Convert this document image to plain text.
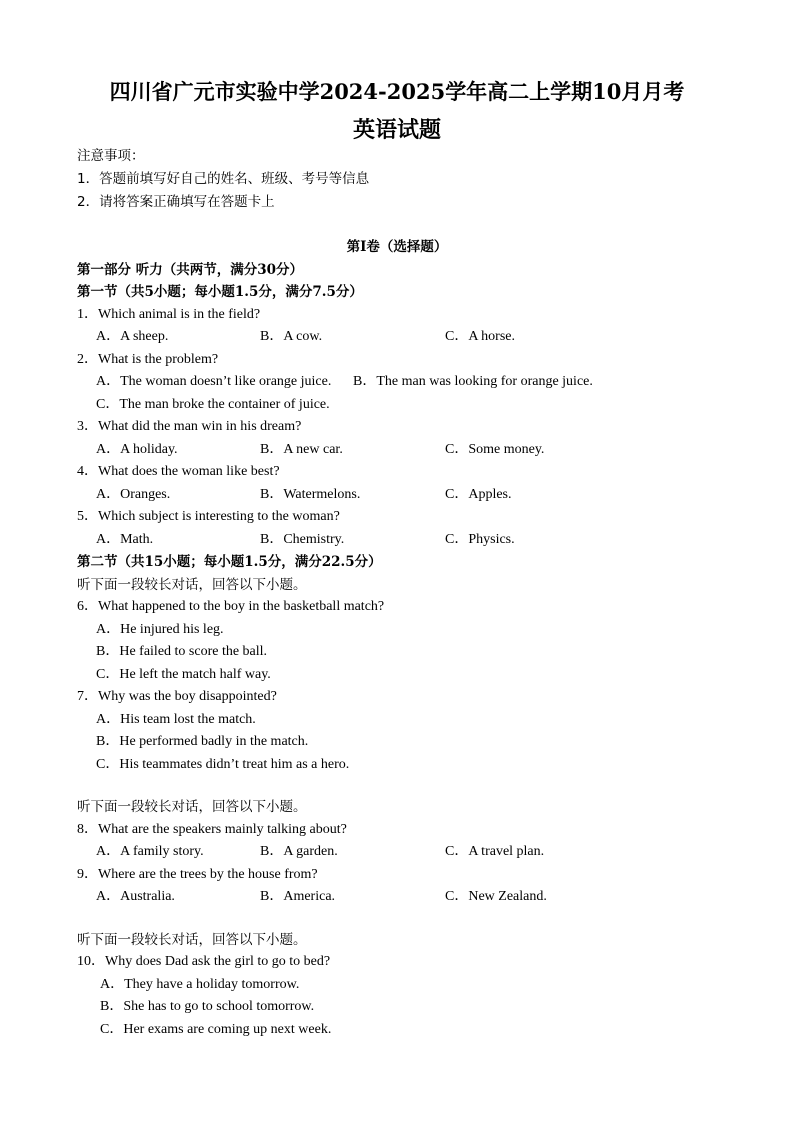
四川省广元市实验中学2024-2025学年高二上学期10月月考
英语试题
注意事项：
1．答题前填写好自己的姓名、班级、考号等信息
2．请将答案正确填写在答题卡上
第I卷（选择题）
第一部分 听力（共两节，满分30分）
第一节（共5小题；每小题1.5分，满分7.5分）
1．Which animal is in the field?
A．A sheep.	B．A cow.	C．A horse.
2．What is the problem?
A．The woman doesn’t like orange juice. B．The man was looking for orange juice.
C．The man broke the container of juice.
3．What did the man win in his dream?
A．A holiday.	B．A new car.	C．Some money.
4．What does the woman like best?
A．Oranges.	B．Watermelons.	C．Apples.
5．Which subject is interesting to the woman?
A．Math.	B．Chemistry.	C．Physics.
第二节（共15小题；每小题1.5分，满分22.5分）
听下面一段较长对话，回答以下小题。
6．What happened to the boy in the basketball match?
A．He injured his leg.
B．He failed to score the ball.
C．He left the match half way.
7．Why was the boy disappointed?
A．His team lost the match.
B．He performed badly in the match.
C．His teammates didn’t treat him as a hero.
听下面一段较长对话，回答以下小题。
8．What are the speakers mainly talking about?
A．A family story.	B．A garden.	C．A travel plan.
9．Where are the trees by the house from?
A．Australia.	B．America.	C．New Zealand.
听下面一段较长对话，回答以下小题。
10．Why does Dad ask the girl to go to bed?
A．They have a holiday tomorrow.
B．She has to go to school tomorrow.
C．Her exams are coming up next week.
